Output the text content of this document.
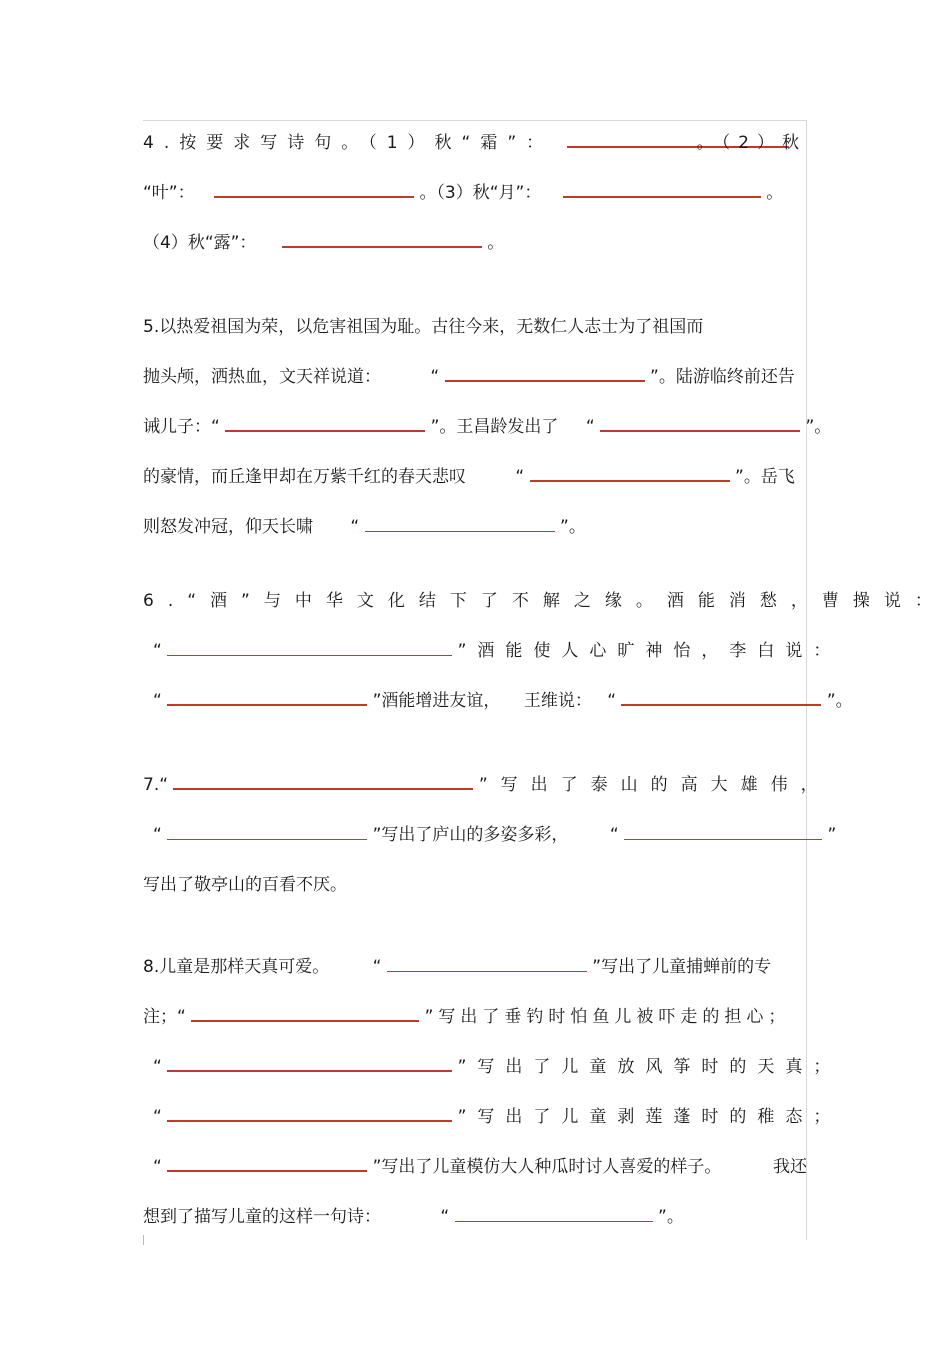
4.按要求写诗句。（1）秋“霜”：	。（2）秋
“叶”：	。（3）秋“月”：	。
（4）秋“露”：	。
5.以热爱祖国为荣，以危害祖国为耻。古往今来，无数仁人志士为了祖国而
抛头颅，洒热血，文天祥说道：	“	”。陆游临终前还告
诫儿子：“	”。王昌龄发出了 “	”。
的豪情，而丘逢甲却在万紫千红的春天悲叹	“	”。岳飞
则怒发冲冠，仰天长啸 “	”。
6.“酒”与中华文化结下了不解之缘。酒能消愁，曹操说：
“	”酒能使人心旷神怡，李白说：
“	”酒能增进友谊， 王维说： “	”。
7.“	”写出了泰山的高大雄伟，
“	”写出了庐山的多姿多彩， “	”
写出了敬亭山的百看不厌。
8.儿童是那样天真可爱。	“	”写出了儿童捕蝉前的专
注；“	”写出了垂钓时怕鱼儿被吓走的担心；
“	”写出了儿童放风筝时的天真；
“	”写出了儿童剥莲蓬时的稚态；
“	”写出了儿童模仿大人种瓜时讨人喜爱的样子。	我还
想到了描写儿童的这样一句诗：	“	”。
